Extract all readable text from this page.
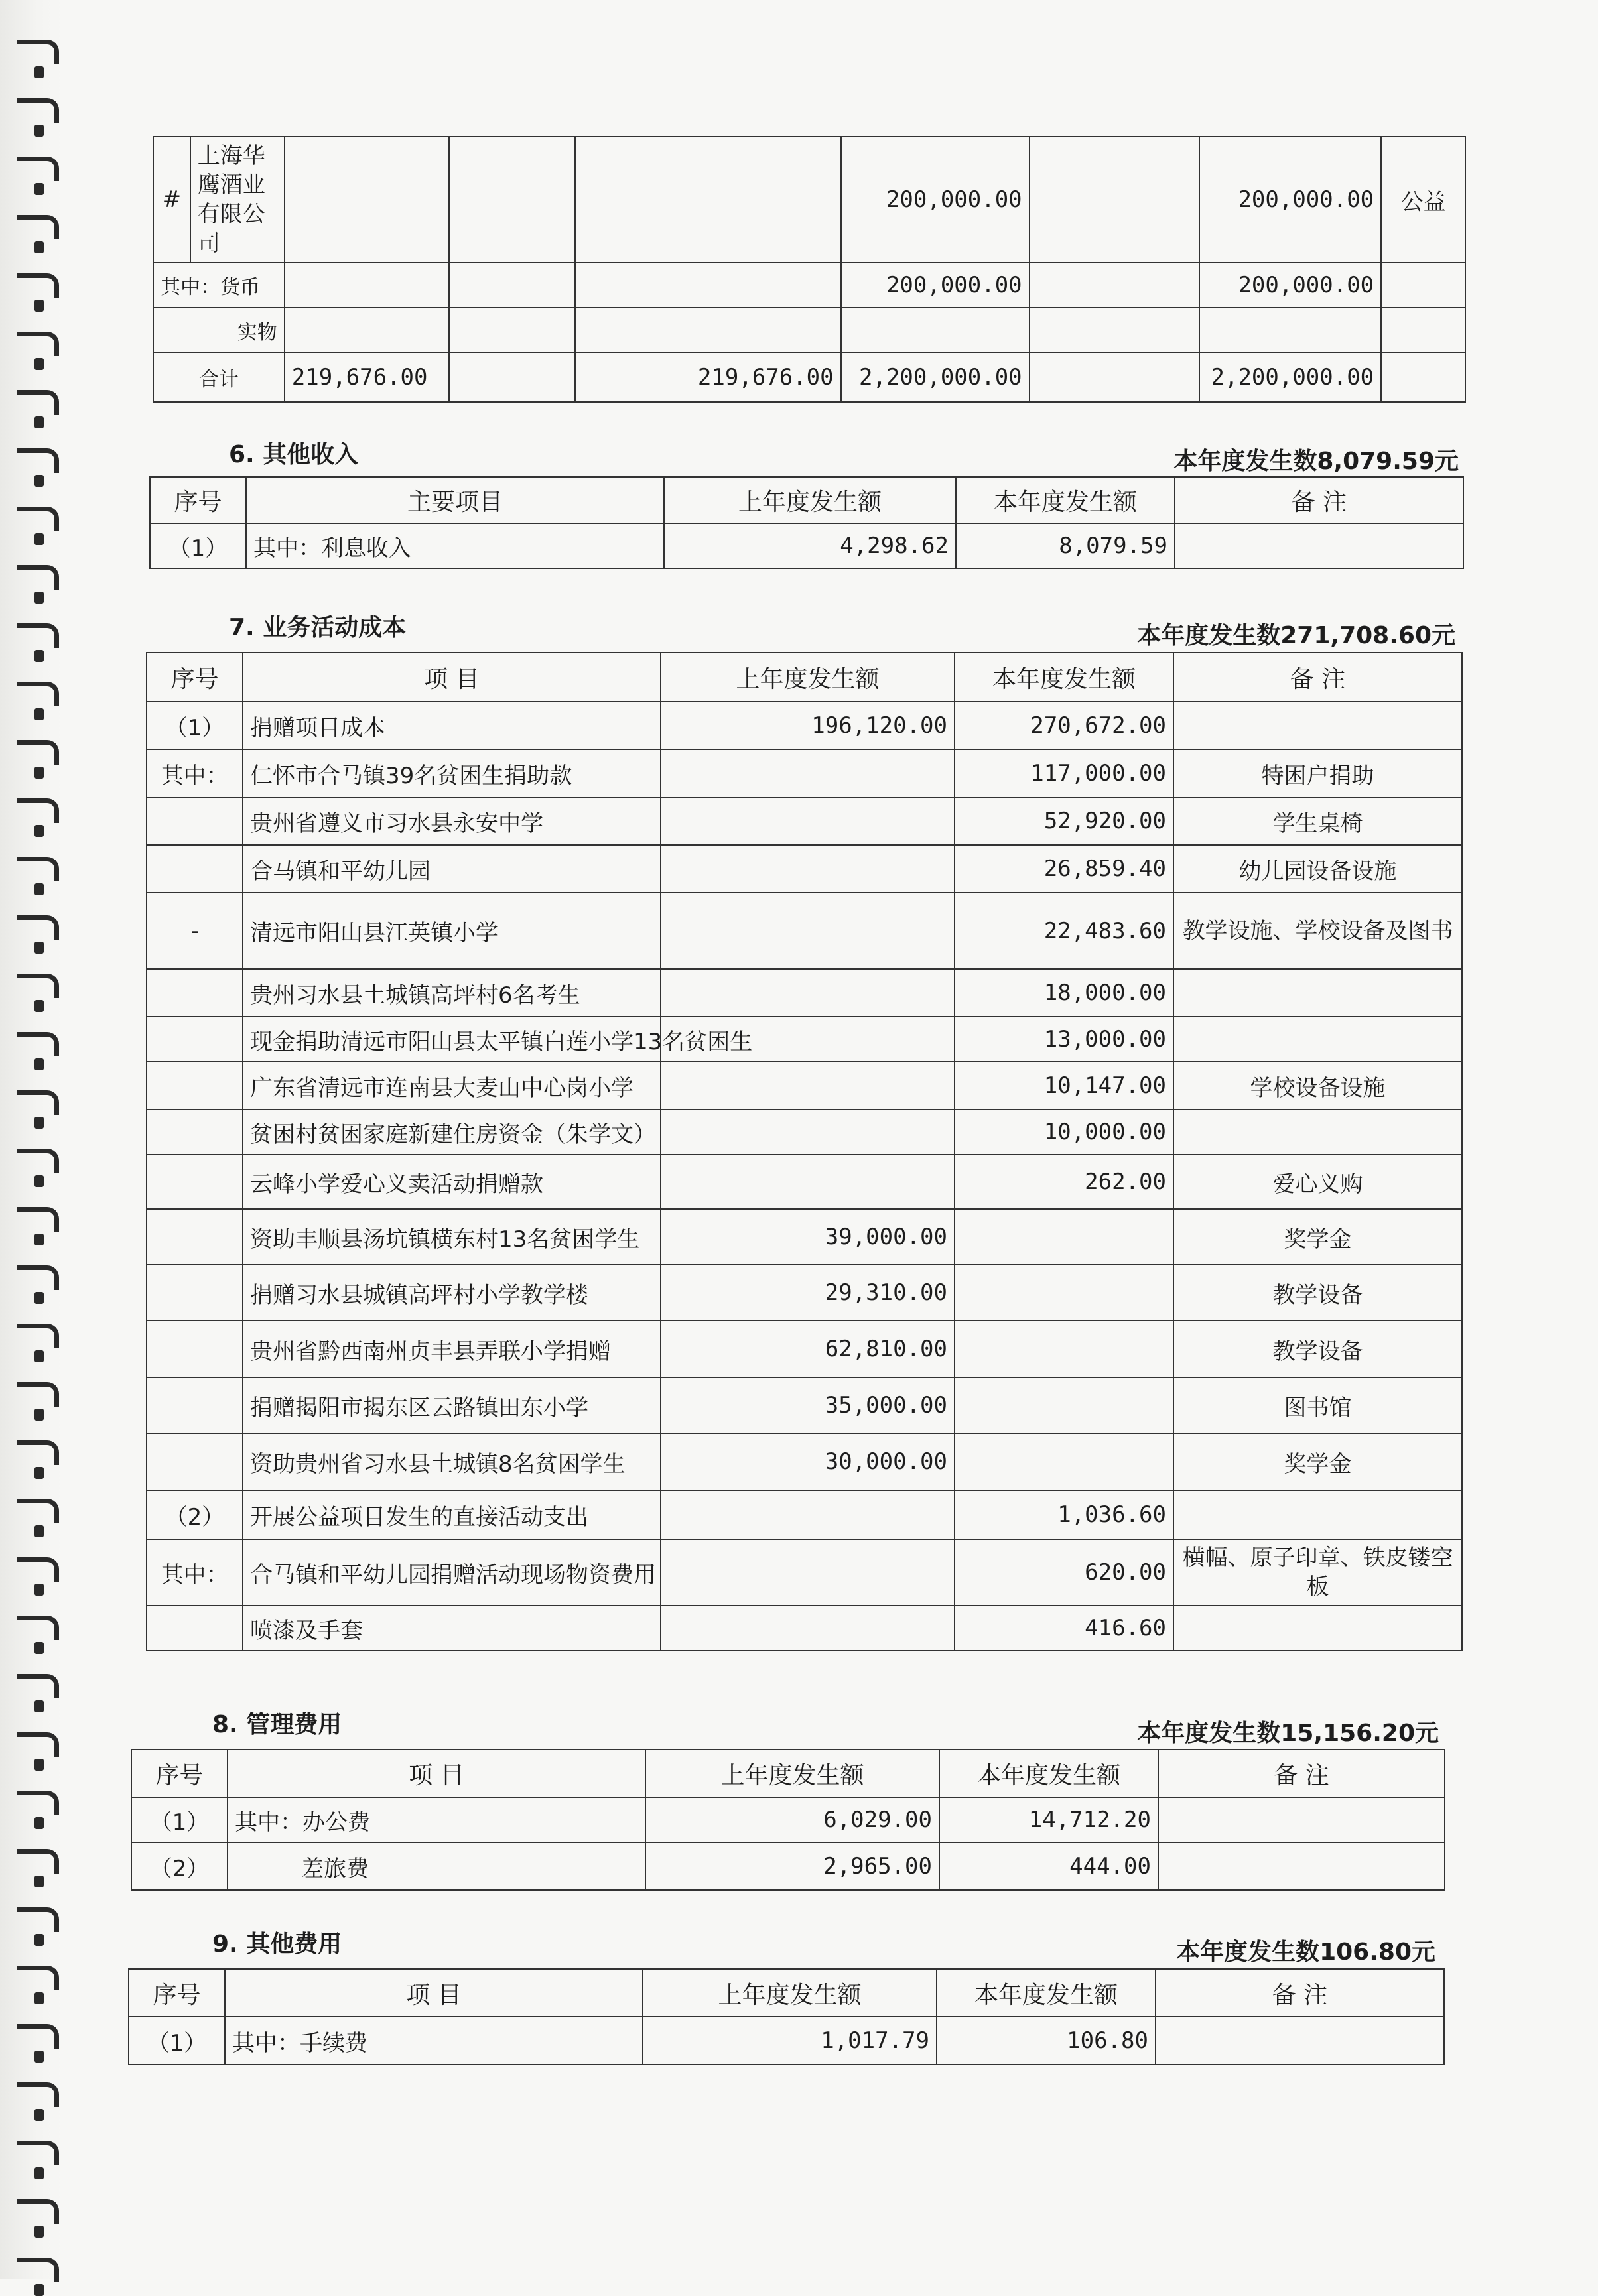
#	上海华鹰酒业有限公司				200,000.00		200,000.00	公益
其中：货币					200,000.00		200,000.00	
实物								
合计		219,676.00		219,676.00	2,200,000.00		2,200,000.00	
6. 其他收入	本年度发生数8,079.59元
序号	主要项目	上年度发生额	本年度发生额	备 注
（1）	其中：利息收入	4,298.62	8,079.59	
7. 业务活动成本	本年度发生数271,708.60元
序号	项 目	上年度发生额	本年度发生额	备 注
（1）	捐赠项目成本	196,120.00	270,672.00	
其中：	仁怀市合马镇39名贫困生捐助款		117,000.00	特困户捐助
	贵州省遵义市习水县永安中学		52,920.00	学生桌椅
	合马镇和平幼儿园		26,859.40	幼儿园设备设施
-	清远市阳山县江英镇小学		22,483.60	教学设施、学校设备及图书
	贵州习水县土城镇高坪村6名考生		18,000.00	
	现金捐助清远市阳山县太平镇白莲小学13名贫困生		13,000.00	
	广东省清远市连南县大麦山中心岗小学		10,147.00	学校设备设施
	贫困村贫困家庭新建住房资金（朱学文）		10,000.00	
	云峰小学爱心义卖活动捐赠款		262.00	爱心义购
	资助丰顺县汤坑镇横东村13名贫困学生	39,000.00		奖学金
	捐赠习水县城镇高坪村小学教学楼	29,310.00		教学设备
	贵州省黔西南州贞丰县弄联小学捐赠	62,810.00		教学设备
	捐赠揭阳市揭东区云路镇田东小学	35,000.00		图书馆
	资助贵州省习水县土城镇8名贫困学生	30,000.00		奖学金
（2）	开展公益项目发生的直接活动支出		1,036.60	
其中：	合马镇和平幼儿园捐赠活动现场物资费用		620.00	横幅、原子印章、铁皮镂空板
	喷漆及手套		416.60	
8. 管理费用	本年度发生数15,156.20元
序号	项 目	上年度发生额	本年度发生额	备 注
（1）	其中：办公费	6,029.00	14,712.20	
（2）	差旅费	2,965.00	444.00	
9. 其他费用	本年度发生数106.80元
序号	项 目	上年度发生额	本年度发生额	备 注
（1）	其中：手续费	1,017.79	106.80	
